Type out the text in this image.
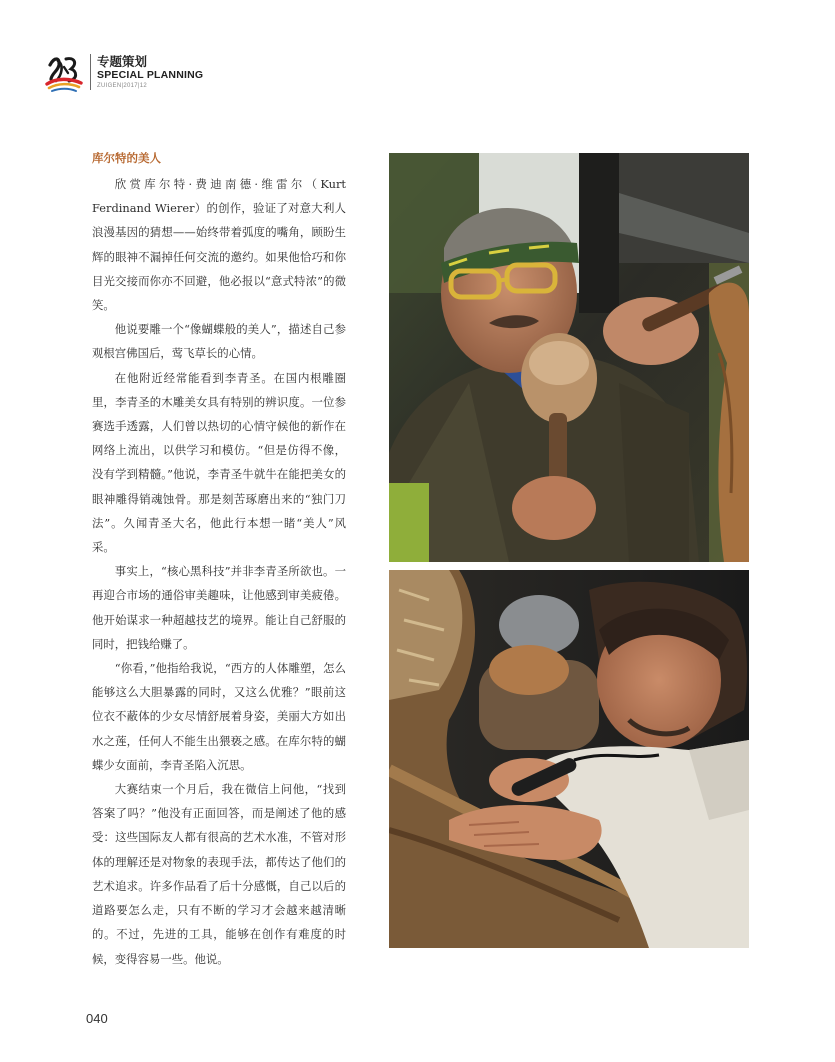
专题策划
SPECIAL PLANNING
ZUIGEN|2017|12
库尔特的美人

欣赏库尔特·费迪南德·维雷尔（Kurt Ferdinand Wierer）的创作，验证了对意大利人浪漫基因的猜想——始终带着弧度的嘴角，顾盼生辉的眼神不漏掉任何交流的邀约。如果他恰巧和你目光交接而你亦不回避，他必报以“意式特浓”的微笑。

他说要雕一个“像蝴蝶般的美人”，描述自己参观根宫佛国后，莺飞草长的心情。

在他附近经常能看到李青圣。在国内根雕圈里，李青圣的木雕美女具有特别的辨识度。一位参赛选手透露，人们曾以热切的心情守候他的新作在网络上流出，以供学习和模仿。“但是仿得不像，没有学到精髓。”他说，李青圣牛就牛在能把美女的眼神雕得销魂蚀骨。那是刻苦琢磨出来的“独门刀法”。久闻青圣大名，他此行本想一睹“美人”风采。

事实上，“核心黑科技”并非李青圣所欲也。一再迎合市场的通俗审美趣味，让他感到审美疲倦。他开始谋求一种超越技艺的境界。能让自己舒服的同时，把钱给赚了。

“你看，”他指给我说，“西方的人体雕塑，怎么能够这么大胆暴露的同时，又这么优雅？”眼前这位衣不蔽体的少女尽情舒展着身姿，美丽大方如出水之莲，任何人不能生出猥亵之感。在库尔特的蝴蝶少女面前，李青圣陷入沉思。

大赛结束一个月后，我在微信上问他，“找到答案了吗？”他没有正面回答，而是阐述了他的感受：这些国际友人都有很高的艺术水准，不管对形体的理解还是对物象的表现手法，都传达了他们的艺术追求。许多作品看了后十分感慨，自己以后的道路要怎么走，只有不断的学习才会越来越清晰的。不过，先进的工具，能够在创作有难度的时候，变得容易一些。他说。

040
